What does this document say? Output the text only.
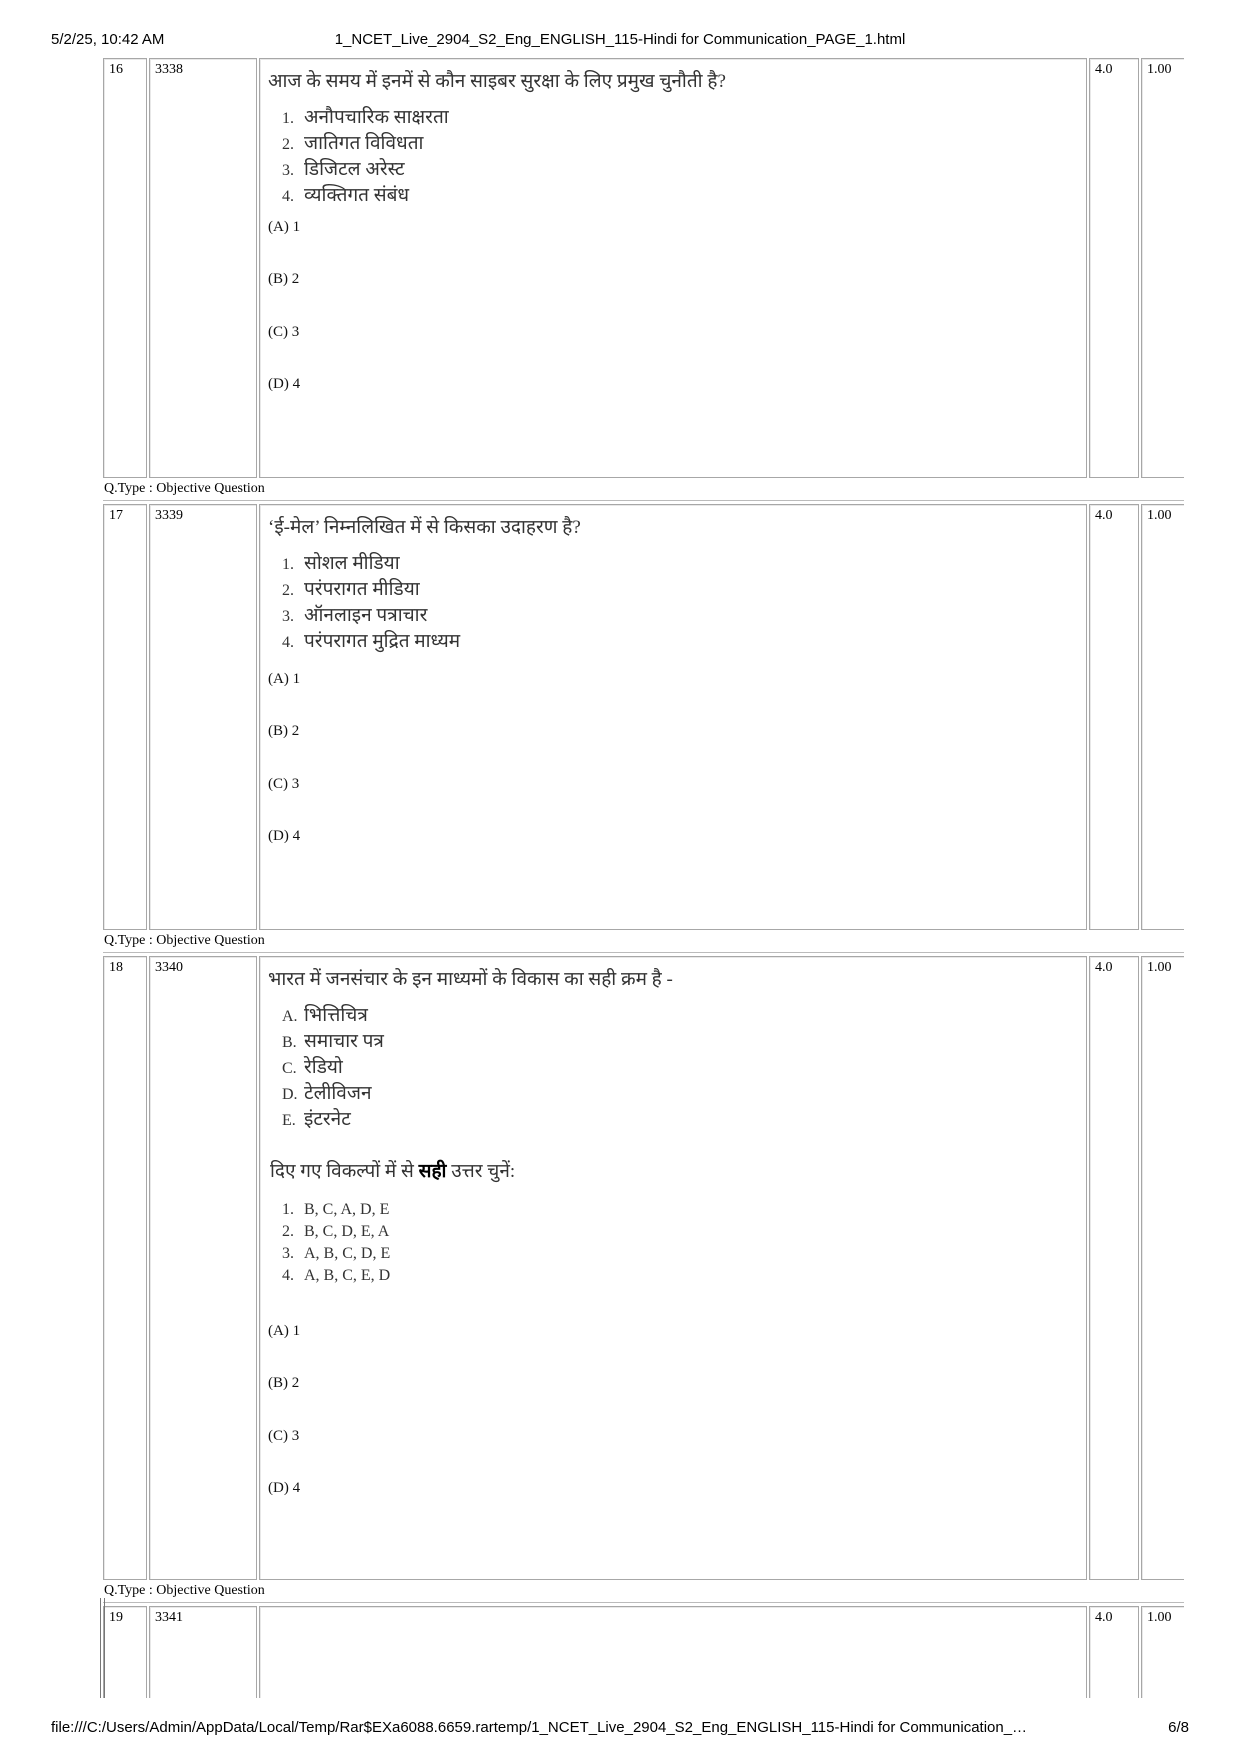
5/2/25, 10:42 AM	1_NCET_Live_2904_S2_Eng_ENGLISH_115-Hindi for Communication_PAGE_1.html
16 3338
आज के समय में इनमें से कौन साइबर सुरक्षा के लिए प्रमुख चुनौती है?
1. अनौपचारिक साक्षरता
2. जातिगत विविधता
3. डिजिटल अरेस्ट
4. व्यक्तिगत संबंध
(A) 1
(B) 2
(C) 3
(D) 4
4.0 1.00
Q.Type : Objective Question
17 3339
‘ई-मेल’ निम्नलिखित में से किसका उदाहरण है?
1. सोशल मीडिया
2. परंपरागत मीडिया
3. ऑनलाइन पत्राचार
4. परंपरागत मुद्रित माध्यम
(A) 1
(B) 2
(C) 3
(D) 4
4.0 1.00
Q.Type : Objective Question
18 3340
भारत में जनसंचार के इन माध्यमों के विकास का सही क्रम है -
A. भित्तिचित्र
B. समाचार पत्र
C. रेडियो
D. टेलीविजन
E. इंटरनेट
दिए गए विकल्पों में से सही उत्तर चुनें:
1. B, C, A, D, E
2. B, C, D, E, A
3. A, B, C, D, E
4. A, B, C, E, D
(A) 1
(B) 2
(C) 3
(D) 4
4.0 1.00
Q.Type : Objective Question
19 3341	4.0 1.00
file:///C:/Users/Admin/AppData/Local/Temp/Rar$EXa6088.6659.rartemp/1_NCET_Live_2904_S2_Eng_ENGLISH_115-Hindi for Communication_…	6/8
